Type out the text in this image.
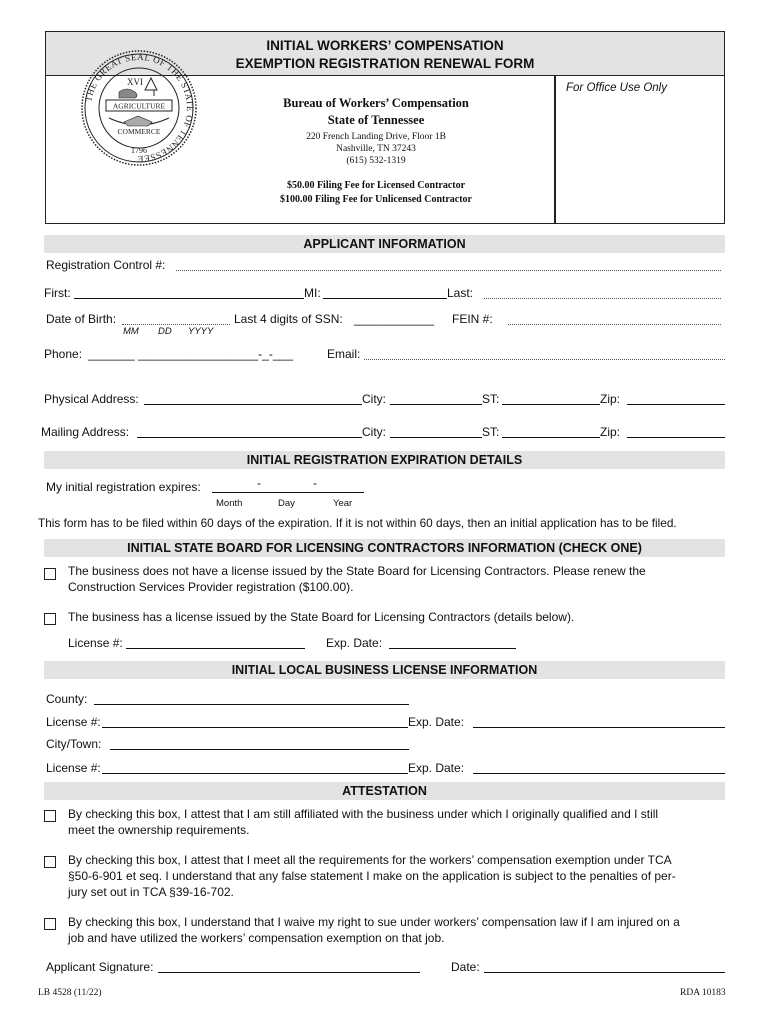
INITIAL WORKERS’ COMPENSATION
EXEMPTION REGISTRATION RENEWAL FORM
For Office Use Only
THE GREAT SEAL OF THE STATE OF TENNESSEE
XVI
AGRICULTURE
COMMERCE
1796
Bureau of Workers’ Compensation
State of Tennessee
220 French Landing Drive, Floor 1B
Nashville, TN 37243
(615) 532-1319
$50.00 Filing Fee for Licensed Contractor
$100.00 Filing Fee for Unlicensed Contractor
APPLICANT INFORMATION
Registration Control #:
First:	MI:	Last:
Date of Birth:
MM DD YYYY
Last 4 digits of SSN: ____________ FEIN #:
Phone: _______ __________________-_-___	Email:
Physical Address:	City:	ST:	Zip:
Mailing Address:	City:	ST:	Zip:
INITIAL REGISTRATION EXPIRATION DETAILS
My initial registration expires:	-	-
Month	Day	Year
This form has to be filed within 60 days of the expiration. If it is not within 60 days, then an initial application has to be filed.
INITIAL STATE BOARD FOR LICENSING CONTRACTORS INFORMATION (CHECK ONE)
The business does not have a license issued by the State Board for Licensing Contractors. Please renew the
Construction Services Provider registration ($100.00).
The business has a license issued by the State Board for Licensing Contractors (details below).
License #:	Exp. Date:
INITIAL LOCAL BUSINESS LICENSE INFORMATION
County:
License #:	Exp. Date:
City/Town:
License #:	Exp. Date:
ATTESTATION
By checking this box, I attest that I am still affiliated with the business under which I originally qualified and I still
meet the ownership requirements.
By checking this box, I attest that I meet all the requirements for the workers’ compensation exemption under TCA
§50-6-901 et seq. I understand that any false statement I make on the application is subject to the penalties of per-
jury set out in TCA §39-16-702.
By checking this box, I understand that I waive my right to sue under workers’ compensation law if I am injured on a
job and have utilized the workers’ compensation exemption on that job.
Applicant Signature:	Date:
LB 4528 (11/22)	RDA 10183
